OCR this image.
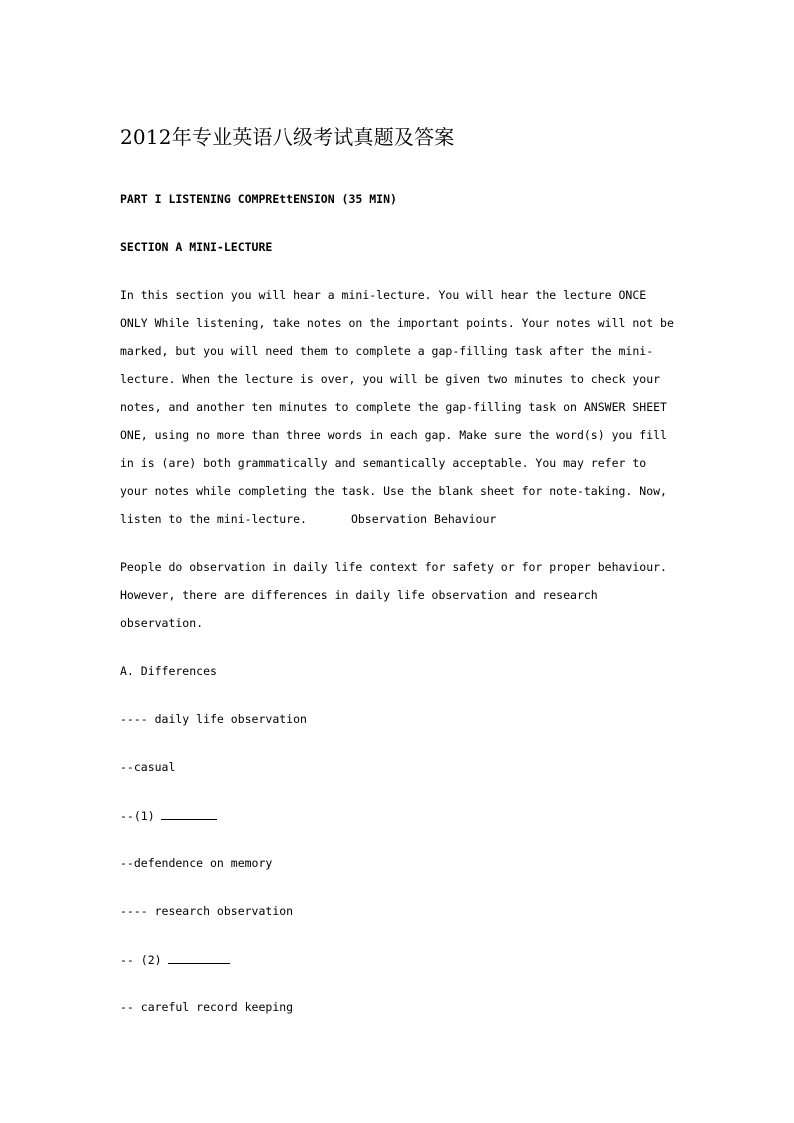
2012年专业英语八级考试真题及答案
PART I LISTENING COMPREttENSION (35 MIN)
SECTION A MINI-LECTURE
In this section you will hear a mini-lecture. You will hear the lecture ONCE ONLY While listening, take notes on the important points. Your notes will not be marked, but you will need them to complete a gap-filling task after the mini-lecture. When the lecture is over, you will be given two minutes to check your notes, and another ten minutes to complete the gap-filling task on ANSWER SHEET ONE, using no more than three words in each gap. Make sure the word(s) you fill in is (are) both grammatically and semantically acceptable. You may refer to your notes while completing the task. Use the blank sheet for note-taking. Now, listen to the mini-lecture.	Observation Behaviour
People do observation in daily life context for safety or for proper behaviour. However, there are differences in daily life observation and research observation.
A. Differences
---- daily life observation
--casual
--(1)
--defendence on memory
---- research observation
-- (2)
-- careful record keeping
